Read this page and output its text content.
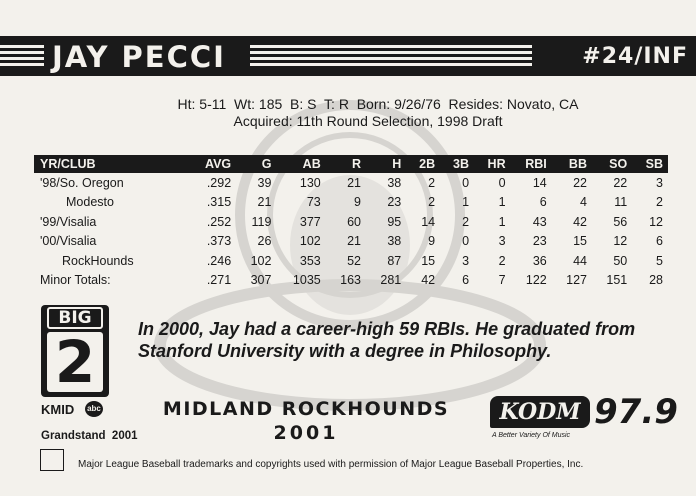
JAY PECCI	#24/INF
Ht: 5-11  Wt: 185  B: S  T: R  Born: 9/26/76  Resides: Novato, CA
Acquired: 11th Round Selection, 1998 Draft
YR/CLUB	AVG	G	AB	R	H	2B	3B	HR	RBI	BB	SO	SB
'98/So. Oregon	.292	39	130	21	38	2	0	0	14	22	22	3
Modesto	.315	21	73	9	23	2	1	1	6	4	11	2
'99/Visalia	.252	119	377	60	95	14	2	1	43	42	56	12
'00/Visalia	.373	26	102	21	38	9	0	3	23	15	12	6
RockHounds	.246	102	353	52	87	15	3	2	36	44	50	5
Minor Totals:	.271	307	1035	163	281	42	6	7	122	127	151	28
BIG
2
KMID abc
In 2000, Jay had a career-high 59 RBIs. He graduated from Stanford University with a degree in Philosophy.
MIDLAND ROCKHOUNDS
2001
KODM 97.9
A Better Variety Of Music
Grandstand  2001
Major League Baseball trademarks and copyrights used with permission of Major League Baseball Properties, Inc.
